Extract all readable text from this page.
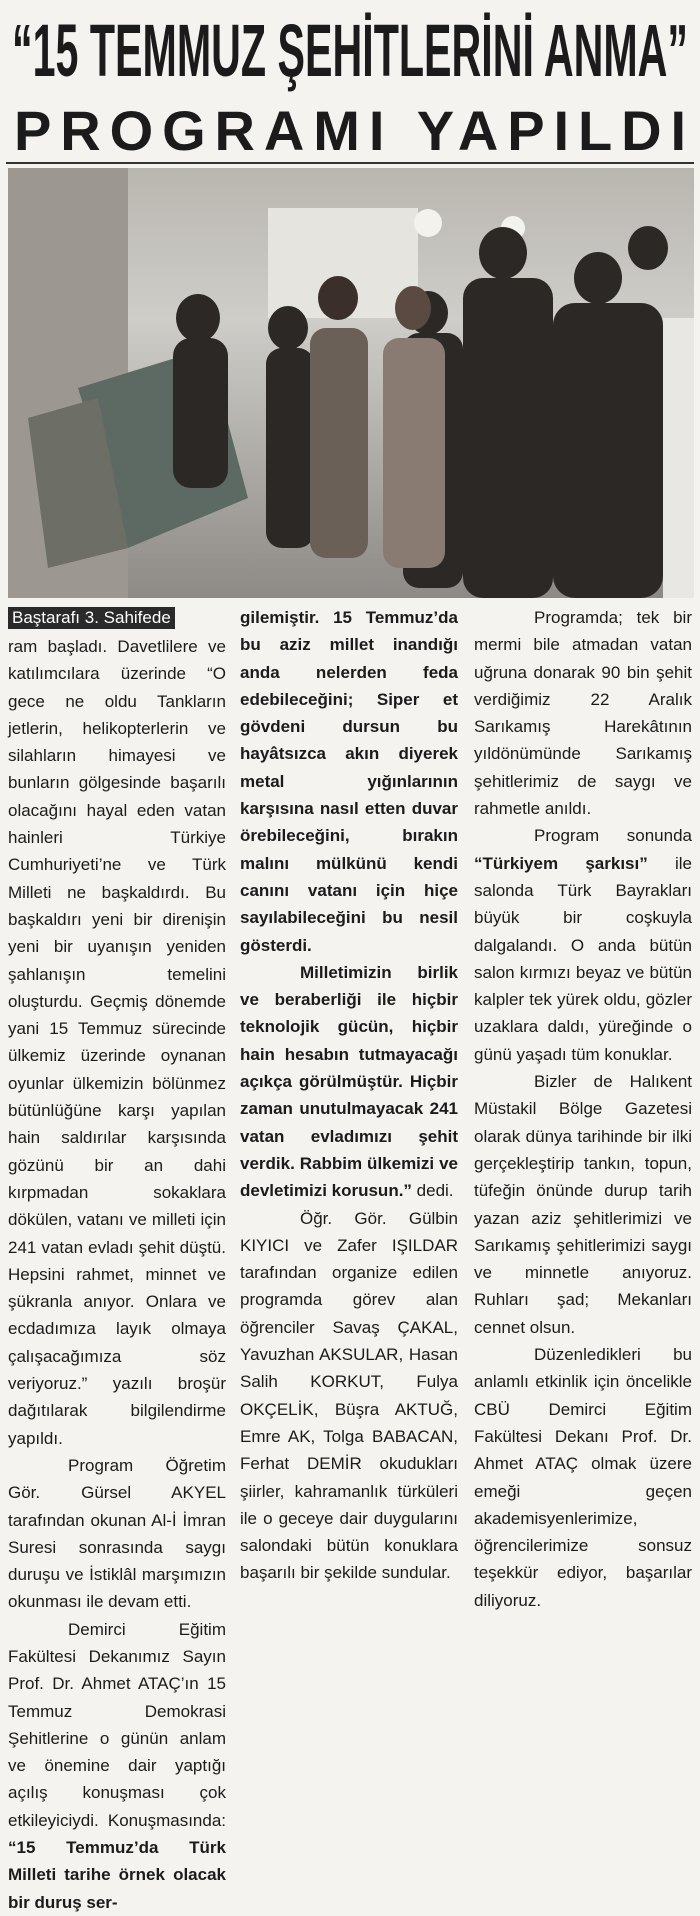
“15 TEMMUZ ŞEHİTLERİNİ ANMA”
PROGRAMI YAPILDI
Baştarafı 3. Sahifede

ram başladı. Davetlilere ve katılımcılara üzerinde “O gece ne oldu Tankların jetlerin, helikopterlerin ve silahların himayesi ve bunların gölgesinde başarılı olacağını hayal eden vatan hainleri Türkiye Cumhuriyeti’ne ve Türk Milleti ne başkaldırdı. Bu başkaldırı yeni bir direnişin yeni bir uyanışın yeniden şahlanışın temelini oluşturdu. Geçmiş dönemde yani 15 Temmuz sürecinde ülkemiz üzerinde oynanan oyunlar ülkemizin bölünmez bütünlüğüne karşı yapılan hain saldırılar karşısında gözünü bir an dahi kırpmadan sokaklara dökülen, vatanı ve milleti için 241 vatan evladı şehit düştü. Hepsini rahmet, minnet ve şükranla anıyor. Onlara ve ecdadımıza layık olmaya çalışacağımıza söz veriyoruz.” yazılı broşür dağıtılarak bilgilendirme yapıldı.

Program Öğretim Gör. Gürsel AKYEL tarafından okunan Al-İ İmran Suresi sonrasında saygı duruşu ve İstiklâl marşımızın okunması ile devam etti.

Demirci Eğitim Fakültesi Dekanımız Sayın Prof. Dr. Ahmet ATAÇ’ın 15 Temmuz Demokrasi Şehitlerine o günün anlam ve önemine dair yaptığı açılış konuşması çok etkileyiciydi. Konuşmasında: “15 Temmuz’da Türk Milleti tarihe örnek olacak bir duruş ser-

gilemiştir. 15 Temmuz’da bu aziz millet inandığı anda nelerden feda edebileceğini; Siper et gövdeni dursun bu hayâtsızca akın diyerek metal yığınlarının karşısına nasıl etten duvar örebileceğini, bırakın malını mülkünü kendi canını vatanı için hiçe sayılabileceğini bu nesil gösterdi.

Milletimizin birlik ve beraberliği ile hiçbir teknolojik gücün, hiçbir hain hesabın tutmayacağı açıkça görülmüştür. Hiçbir zaman unutulmayacak 241 vatan evladımızı şehit verdik. Rabbim ülkemizi ve devletimizi korusun.” dedi.

Öğr. Gör. Gülbin KIYICI ve Zafer IŞILDAR tarafından organize edilen programda görev alan öğrenciler Savaş ÇAKAL, Yavuzhan AKSULAR, Hasan Salih KORKUT, Fulya OKÇELİK, Büşra AKTUĞ, Emre AK, Tolga BABACAN, Ferhat DEMİR okudukları şiirler, kahramanlık türküleri ile o geceye dair duygularını salondaki bütün konuklara başarılı bir şekilde sundular.

Programda; tek bir mermi bile atmadan vatan uğruna donarak 90 bin şehit verdiğimiz 22 Aralık Sarıkamış Harekâtının yıldönümünde Sarıkamış şehitlerimiz de saygı ve rahmetle anıldı.

Program sonunda “Türkiyem şarkısı” ile salonda Türk Bayrakları büyük bir coşkuyla dalgalandı. O anda bütün salon kırmızı beyaz ve bütün kalpler tek yürek oldu, gözler uzaklara daldı, yüreğinde o günü yaşadı tüm konuklar.

Bizler de Halıkent Müstakil Bölge Gazetesi olarak dünya tarihinde bir ilki gerçekleştirip tankın, topun, tüfeğin önünde durup tarih yazan aziz şehitlerimizi ve Sarıkamış şehitlerimizi saygı ve minnetle anıyoruz. Ruhları şad; Mekanları cennet olsun.

Düzenledikleri bu anlamlı etkinlik için öncelikle CBÜ Demirci Eğitim Fakültesi Dekanı Prof. Dr. Ahmet ATAÇ olmak üzere emeği geçen akademisyenlerimize, öğrencilerimize sonsuz teşekkür ediyor, başarılar diliyoruz.
